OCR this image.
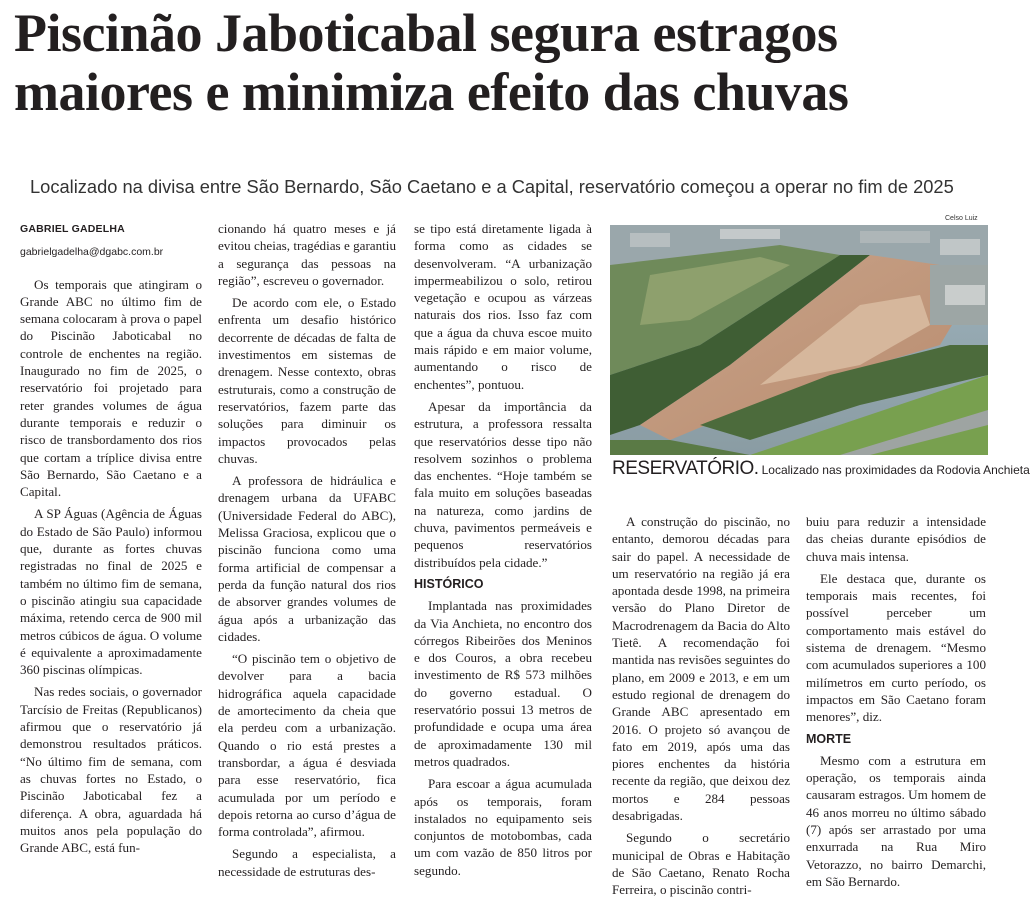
Piscinão Jaboticabal segura estragos
maiores e minimiza efeito das chuvas
Localizado na divisa entre São Bernardo, São Caetano e a Capital, reservatório começou a operar no fim de 2025
GABRIEL GADELHA
gabrielgadelha@dgabc.com.br

Os temporais que atingiram o Grande ABC no último fim de semana colocaram à prova o papel do Piscinão Jaboticabal no controle de enchentes na região. Inaugurado no fim de 2025, o reservatório foi projetado para reter grandes volumes de água durante temporais e reduzir o risco de transbordamento dos rios que cortam a tríplice divisa entre São Bernardo, São Caetano e a Capital.

A SP Águas (Agência de Águas do Estado de São Paulo) informou que, durante as fortes chuvas registradas no final de 2025 e também no último fim de semana, o piscinão atingiu sua capacidade máxima, retendo cerca de 900 mil metros cúbicos de água. O volume é equivalente a aproximadamente 360 piscinas olímpicas.

Nas redes sociais, o governador Tarcísio de Freitas (Republicanos) afirmou que o reservatório já demonstrou resultados práticos. “No último fim de semana, com as chuvas fortes no Estado, o Piscinão Jaboticabal fez a diferença. A obra, aguardada há muitos anos pela população do Grande ABC, está fun-

cionando há quatro meses e já evitou cheias, tragédias e garantiu a segurança das pessoas na região”, escreveu o governador.

De acordo com ele, o Estado enfrenta um desafio histórico decorrente de décadas de falta de investimentos em sistemas de drenagem. Nesse contexto, obras estruturais, como a construção de reservatórios, fazem parte das soluções para diminuir os impactos provocados pelas chuvas.

A professora de hidráulica e drenagem urbana da UFABC (Universidade Federal do ABC), Melissa Graciosa, explicou que o piscinão funciona como uma forma artificial de compensar a perda da função natural dos rios de absorver grandes volumes de água após a urbanização das cidades.

“O piscinão tem o objetivo de devolver para a bacia hidrográfica aquela capacidade de amortecimento da cheia que ela perdeu com a urbanização. Quando o rio está prestes a transbordar, a água é desviada para esse reservatório, fica acumulada por um período e depois retorna ao curso d’água de forma controlada”, afirmou.

Segundo a especialista, a necessidade de estruturas des-

se tipo está diretamente ligada à forma como as cidades se desenvolveram. “A urbanização impermeabilizou o solo, retirou vegetação e ocupou as várzeas naturais dos rios. Isso faz com que a água da chuva escoe muito mais rápido e em maior volume, aumentando o risco de enchentes”, pontuou.

Apesar da importância da estrutura, a professora ressalta que reservatórios desse tipo não resolvem sozinhos o problema das enchentes. “Hoje também se fala muito em soluções baseadas na natureza, como jardins de chuva, pavimentos permeáveis e pequenos reservatórios distribuídos pela cidade.”

HISTÓRICO

Implantada nas proximidades da Via Anchieta, no encontro dos córregos Ribeirões dos Meninos e dos Couros, a obra recebeu investimento de R$ 573 milhões do governo estadual. O reservatório possui 13 metros de profundidade e ocupa uma área de aproximadamente 130 mil metros quadrados.

Para escoar a água acumulada após os temporais, foram instalados no equipamento seis conjuntos de motobombas, cada um com vazão de 850 litros por segundo.

Celso Luiz
RESERVATÓRIO. Localizado nas proximidades da Rodovia Anchieta

A construção do piscinão, no entanto, demorou décadas para sair do papel. A necessidade de um reservatório na região já era apontada desde 1998, na primeira versão do Plano Diretor de Macrodrenagem da Bacia do Alto Tietê. A recomendação foi mantida nas revisões seguintes do plano, em 2009 e 2013, e em um estudo regional de drenagem do Grande ABC apresentado em 2016. O projeto só avançou de fato em 2019, após uma das piores enchentes da história recente da região, que deixou dez mortos e 284 pessoas desabrigadas.

Segundo o secretário municipal de Obras e Habitação de São Caetano, Renato Rocha Ferreira, o piscinão contri-

buiu para reduzir a intensidade das cheias durante episódios de chuva mais intensa.

Ele destaca que, durante os temporais mais recentes, foi possível perceber um comportamento mais estável do sistema de drenagem. “Mesmo com acumulados superiores a 100 milímetros em curto período, os impactos em São Caetano foram menores”, diz.

MORTE

Mesmo com a estrutura em operação, os temporais ainda causaram estragos. Um homem de 46 anos morreu no último sábado (7) após ser arrastado por uma enxurrada na Rua Miro Vetorazzo, no bairro Demarchi, em São Bernardo.
